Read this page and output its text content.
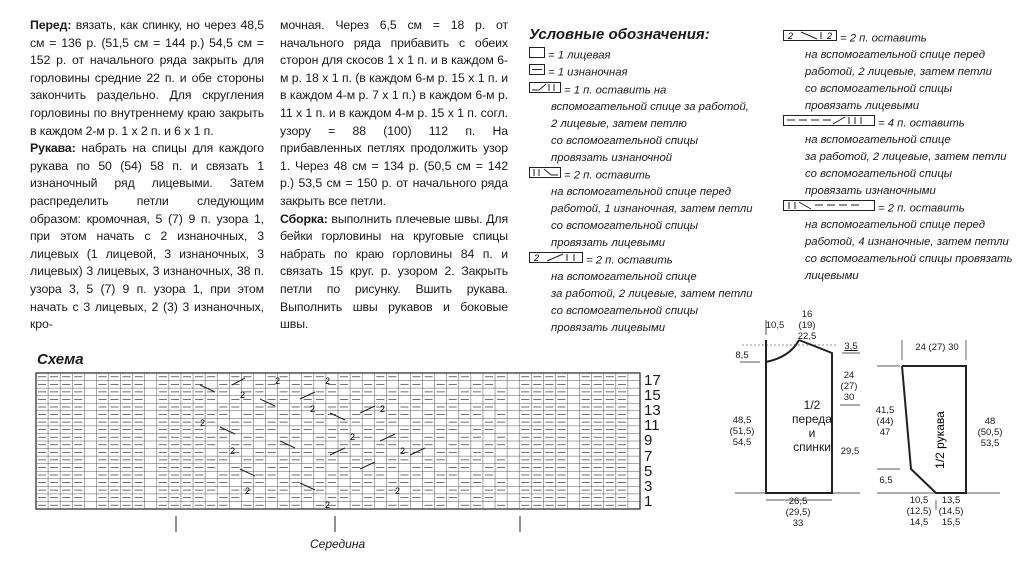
Перед: вязать, как спинку, но через 48,5 см = 136 р. (51,5 см = 144 р.) 54,5 см = 152 р. от начального ряда закрыть для горловины средние 22 п. и обе стороны закончить раздельно. Для скругления горловины по внутреннему краю закрыть в каждом 2-м р. 1 х 2 п. и 6 х 1 п.

Рукава: набрать на спицы для каждого рукава по 50 (54) 58 п. и связать 1 изнаночный ряд лицевыми. Затем распределить петли следующим образом: кромочная, 5 (7) 9 п. узора 1, при этом начать с 2 изнаночных, 3 лицевых (1 лицевой, 3 изнаночных, 3 лицевых) 3 лицевых, 3 изнаночных, 38 п. узора 3, 5 (7) 9 п. узора 1, при этом начать с 3 лицевых, 2 (3) 3 изнаночных, кро-

мочная. Через 6,5 см = 18 р. от начального ряда прибавить с обеих сторон для скосов 1 х 1 п. и в каждом 6-м р. 18 х 1 п. (в каждом 6-м р. 15 х 1 п. и в каждом 4-м р. 7 х 1 п.) в каждом 6-м р. 11 х 1 п. и в каждом 4-м р. 15 х 1 п. согл. узору = 88 (100) 112 п. На прибавленных петлях продолжить узор 1. Через 48 см = 134 р. (50,5 см = 142 р.) 53,5 см = 150 р. от начального ряда закрыть все петли.

Сборка: выполнить плечевые швы. Для бейки горловины на круговые спицы набрать по краю горловины 84 п. и связать 15 круг. р. узором 2. Закрыть петли по рисунку. Вшить рукава. Выполнить швы рукавов и боковые швы.

Условные обозначения:
= 1 лицевая
= 1 изнаночная
= 1 п. оставить на
вспомогательной спице за работой,
2 лицевые, затем петлю
со вспомогательной спицы
провязать изнаночной
= 2 п. оставить
на вспомогательной спице перед
работой, 1 изнаночная, затем петли
со вспомогательной спицы
провязать лицевыми
2	= 2 п. оставить
на вспомогательной спице
за работой, 2 лицевые, затем петли
со вспомогательной спицы
провязать лицевыми
2	2 = 2 п. оставить
на вспомогательной спице перед
работой, 2 лицевые, затем петли
со вспомогательной спицы
провязать лицевыми
= 4 п. оставить
на вспомогательной спице
за работой, 2 лицевые, затем петли
со вспомогательной спицы
провязать изнаночными
= 2 п. оставить
на вспомогательной спице перед
работой, 4 изнаночные, затем петли
со вспомогательной спицы провязать
лицевыми
Схема
2	2
2
2	2
2
2
2	2
2
2
2
17
15
13
11
9
7
5
3
1
Середина
1/2 рукава
1/2
переда
и спинки
16
(19)
22,5
10,5
8,5
3,5
24
(27)
30
29,5
48,5
(51,5)
54,5
26,5
(29,5)
33
24 (27) 30
41,5
(44)
47
48
(50,5)
53,5
6,5
10,5
(12,5)
14,5
13,5
(14,5)
15,5
